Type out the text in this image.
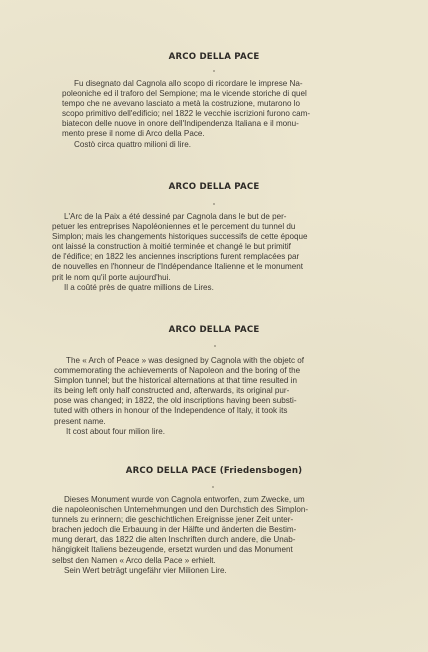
ARCO DELLA PACE

Fu disegnato dal Cagnola allo scopo di ricordare le imprese Na-
poleoniche ed il traforo del Sempione; ma le vicende storiche di quel
tempo che ne avevano lasciato a metà la costruzione, mutarono lo
scopo primitivo dell'edificio; nel 1822 le vecchie iscrizioni furono cam-
biatecon delle nuove in onore dell'Indipendenza Italiana e il monu-
mento prese il nome di Arco della Pace.
Costò circa quattro milioni di lire.

ARCO DELLA PACE

L'Arc de la Paix a été dessiné par Cagnola dans le but de per-
petuer les entreprises Napoléoniennes et le percement du tunnel du
Simplon; mais les changements historiques successifs de cette époque
ont laissé la construction à moitié terminée et changé le but primitif
de l'édifice; en 1822 les anciennes inscriptions furent remplacées par
de nouvelles en l'honneur de l'Indépendance Italienne et le monument
prit le nom qu'il porte aujourd'hui.
Il a coûté près de quatre millions de Lires.

ARCO DELLA PACE

The « Arch of Peace » was designed by Cagnola with the objetc of
commemorating the achievements of Napoleon and the boring of the
Simplon tunnel; but the historical alternations at that time resulted in
its being left only half constructed and, afterwards, its original pur-
pose was changed; in 1822, the old inscriptions having been substi-
tuted with others in honour of the Independence of Italy, it took its
present name.
It cost about four milion lire.

ARCO DELLA PACE (Friedensbogen)

Dieses Monument wurde von Cagnola entworfen, zum Zwecke, um
die napoleonischen Unternehmungen und den Durchstich des Simplon-
tunnels zu erinnern; die geschichtlichen Ereignisse jener Zeit unter-
brachen jedoch die Erbauung in der Hälfte und änderten die Bestim-
mung derart, das 1822 die alten Inschriften durch andere, die Unab-
hängigkeit Italiens bezeugende, ersetzt wurden und das Monument
selbst den Namen « Arco della Pace » erhielt.
Sein Wert beträgt ungefähr vier Milionen Lire.
